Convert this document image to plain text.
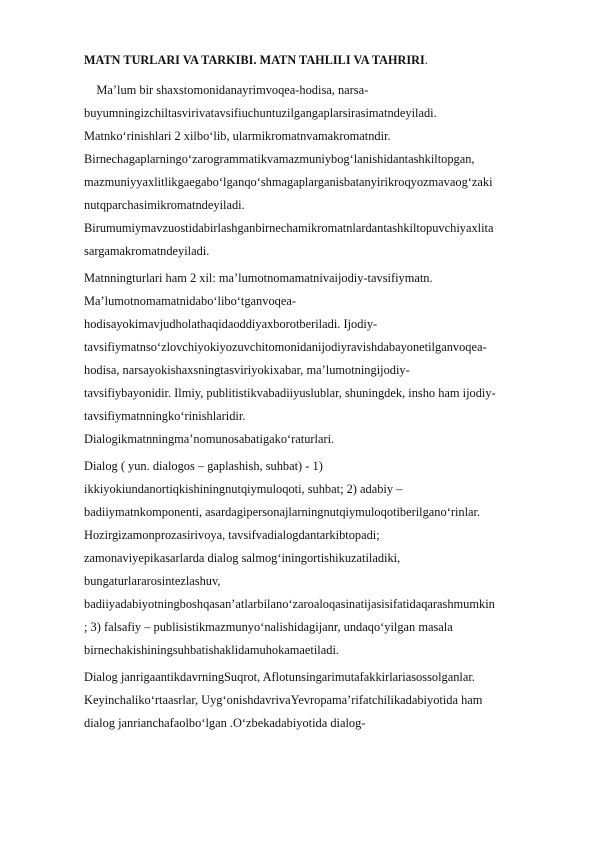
MATN TURLARI VA TARKIBI. MATN TAHLILI VA TAHRIRI.

Ma’lum bir shaxstomonidanayrimvoqea-hodisa, narsa-
buyumningizchiltasvirivatavsifiuchuntuzilgangaplarsirasimatndeyiladi.
Matnko‘rinishlari 2 xilbo‘lib, ularmikromatnvamakromatndir.
Birnechagaplarningo‘zarogrammatikvamazmuniybog‘lanishidantashkiltopgan,
mazmuniyyaxlitlikgaegabo‘lganqo‘shmagaplarganisbatanyirikroqyozmavaog‘zaki
nutqparchasimikromatndeyiladi.
Birumumiymavzuostidabirlashganbirnechamikromatnlardantashkiltopuvchiyaxlita
sargamakromatndeyiladi.

Matnningturlari ham 2 xil: ma’lumotnomamatnivaijodiy-tavsifiymatn.
Ma’lumotnomamatnidabo‘libo‘tganvoqea-
hodisayokimavjudholathaqidaoddiyaxborotberiladi. Ijodiy-
tavsifiymatnso‘zlovchiyokiyozuvchitomonidanijodiyravishdabayonetilganvoqea-
hodisa, narsayokishaxsningtasviriyokixabar, ma’lumotningijodiy-
tavsifiybayonidir. Ilmiy, publitistikvabadiiyuslublar, shuningdek, insho ham ijodiy-
tavsifiymatnningko‘rinishlaridir.
Dialogikmatnningma’nomunosabatigako‘raturlari.

Dialog ( yun. dialogos – gaplashish, suhbat) - 1)
ikkiyokiundanortiqkishiningnutqiymuloqoti, suhbat; 2) adabiy –
badiiymatnkomponenti, asardagipersonajlarningnutqiymuloqotiberilgano‘rinlar.
Hozirgizamonprozasirivoya, tavsifvadialogdantarkibtopadi;
zamonaviyepikasarlarda dialog salmog‘iningortishikuzatiladiki,
bungaturlararosintezlashuv,
badiiyadabiyotningboshqasan’atlarbilano‘zaroaloqasinatijasisifatidaqarashmumkin
; 3) falsafiy – publisistikmazmunyo‘nalishidagijanr, undaqo‘yilgan masala
birnechakishiningsuhbatishaklidamuhokamaetiladi.

Dialog janrigaantikdavrningSuqrot, Aflotunsingarimutafakkirlariasossolganlar.
Keyinchaliko‘rtaasrlar, Uyg‘onishdavrivaYevropama’rifatchilikadabiyotida ham
dialog janrianchafaolbo‘lgan .O‘zbekadabiyotida dialog-
